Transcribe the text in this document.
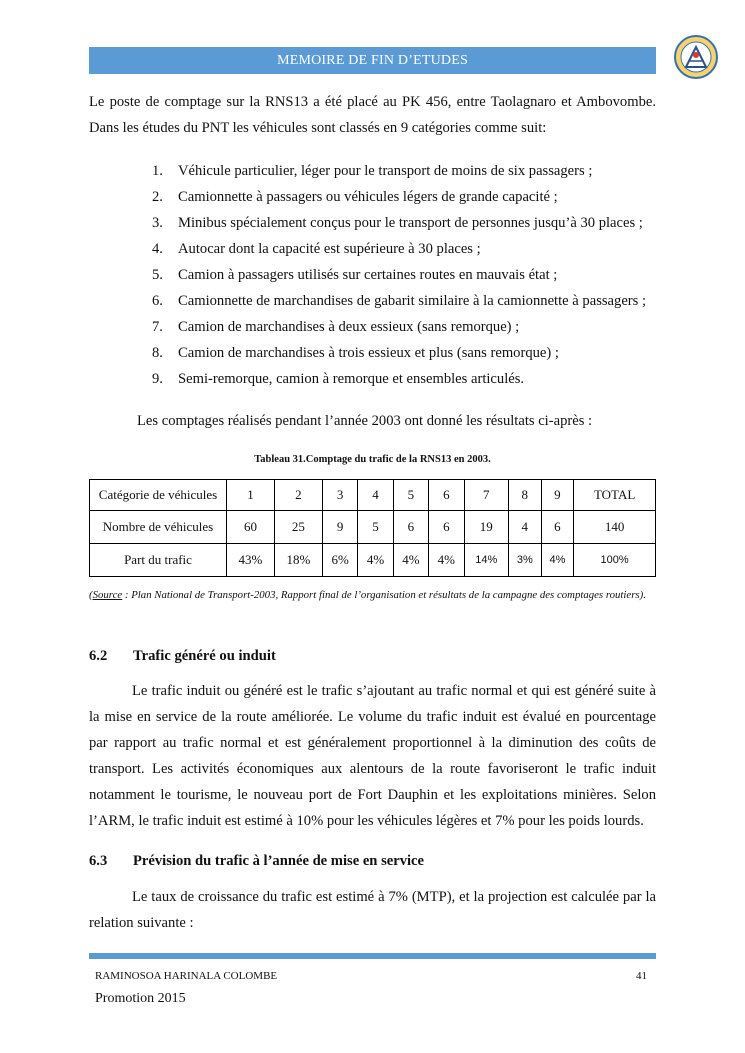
MEMOIRE DE FIN D’ETUDES
Le poste de comptage sur la RNS13 a été placé au PK 456, entre Taolagnaro et Ambovombe. Dans les études du PNT les véhicules sont classés en 9 catégories comme suit:
1. Véhicule particulier, léger pour le transport de moins de six passagers ;
2. Camionnette à passagers ou véhicules légers de grande capacité ;
3. Minibus spécialement conçus pour le transport de personnes jusqu’à 30 places ;
4. Autocar dont la capacité est supérieure à 30 places ;
5. Camion à passagers utilisés sur certaines routes en mauvais état ;
6. Camionnette de marchandises de gabarit similaire à la camionnette à passagers ;
7. Camion de marchandises à deux essieux (sans remorque) ;
8. Camion de marchandises à trois essieux et plus (sans remorque) ;
9. Semi-remorque, camion à remorque et ensembles articulés.
Les comptages réalisés pendant l’année 2003 ont donné les résultats ci-après :
Tableau 31.Comptage du trafic de la RNS13 en 2003.
Catégorie de véhicules	1	2	3	4	5	6	7	8	9	TOTAL
Nombre de véhicules	60	25	9	5	6	6	19	4	6	140
Part du trafic	43%	18%	6%	4%	4%	4%	14%	3%	4%	100%
(Source : Plan National de Transport-2003, Rapport final de l’organisation et résultats de la campagne des comptages routiers).
6.2 Trafic généré ou induit
Le trafic induit ou généré est le trafic s’ajoutant au trafic normal et qui est généré suite à la mise en service de la route améliorée. Le volume du trafic induit est évalué en pourcentage par rapport au trafic normal et est généralement proportionnel à la diminution des coûts de transport. Les activités économiques aux alentours de la route favoriseront le trafic induit notamment le tourisme, le nouveau port de Fort Dauphin et les exploitations minières. Selon l’ARM, le trafic induit est estimé à 10% pour les véhicules légères et 7% pour les poids lourds.
6.3 Prévision du trafic à l’année de mise en service
Le taux de croissance du trafic est estimé à 7% (MTP), et la projection est calculée par la relation suivante :
RAMINOSOA HARINALA COLOMBE	41
Promotion 2015
